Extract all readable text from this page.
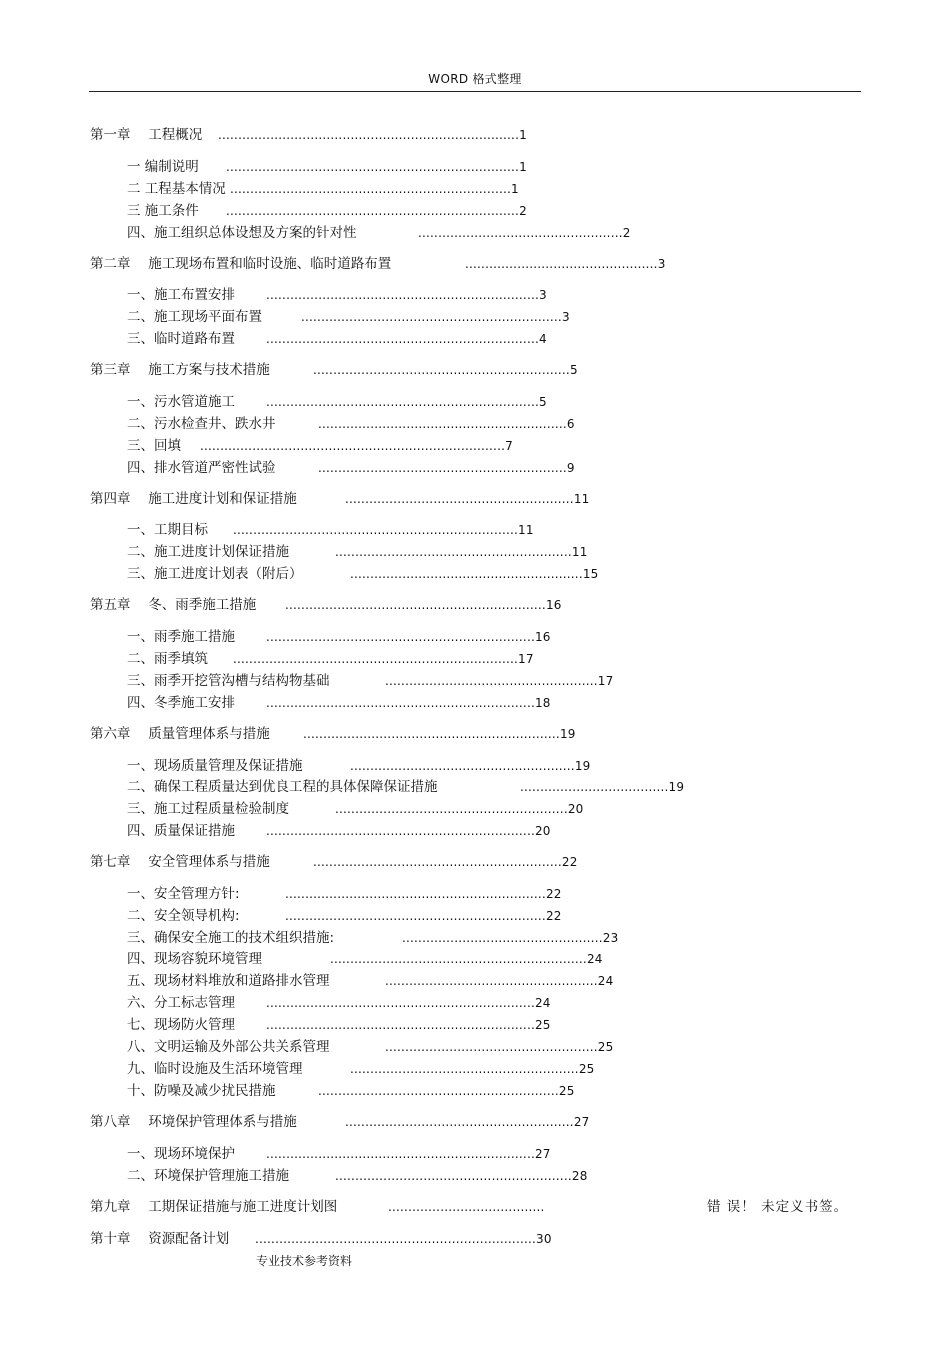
WORD 格式整理
第一章　 工程概况 ...........................................................................1
一 编制说明 .........................................................................1
二 工程基本情况 ......................................................................1
三 施工条件 .........................................................................2
四、施工组织总体设想及方案的针对性	...................................................2
第二章　 施工现场布置和临时设施、临时道路布置	................................................3
一、施工布置安排	....................................................................3
二、施工现场平面布置	.................................................................3
三、临时道路布置	....................................................................4
第三章　 施工方案与技术措施	................................................................5
一、污水管道施工	....................................................................5
二、污水检查井、跌水井	..............................................................6
三、回填 ............................................................................7
四、排水管道严密性试验	..............................................................9
第四章　 施工进度计划和保证措施	.........................................................11
一、工期目标 .......................................................................11
二、施工进度计划保证措施	...........................................................11
三、施工进度计划表（附后）	..........................................................15
第五章　 冬、雨季施工措施 .................................................................16
一、雨季施工措施	...................................................................16
二、雨季填筑 .......................................................................17
三、雨季开挖管沟槽与结构物基础	.....................................................17
四、冬季施工安排	...................................................................18
第六章　 质量管理体系与措施	................................................................19
一、现场质量管理及保证措施	........................................................19
二、确保工程质量达到优良工程的具体保障保证措施	.....................................19
三、施工过程质量检验制度	..........................................................20
四、质量保证措施	...................................................................20
第七章　 安全管理体系与措施	..............................................................22
一、安全管理方针:	.................................................................22
二、安全领导机构:	.................................................................22
三、确保安全施工的技术组织措施:	..................................................23
四、现场容貌环境管理	................................................................24
五、现场材料堆放和道路排水管理	.....................................................24
六、分工标志管理	...................................................................24
七、现场防火管理	...................................................................25
八、文明运输及外部公共关系管理	.....................................................25
九、临时设施及生活环境管理	.........................................................25
十、防噪及减少扰民措施	............................................................25
第八章　 环境保护管理体系与措施	.........................................................27
一、现场环境保护	...................................................................27
二、环境保护管理施工措施	...........................................................28
第九章　 工期保证措施与施工进度计划图	.......................................	错 误！ 未定义书签。
第十章　 资源配备计划 ......................................................................30
专业技术参考资料
